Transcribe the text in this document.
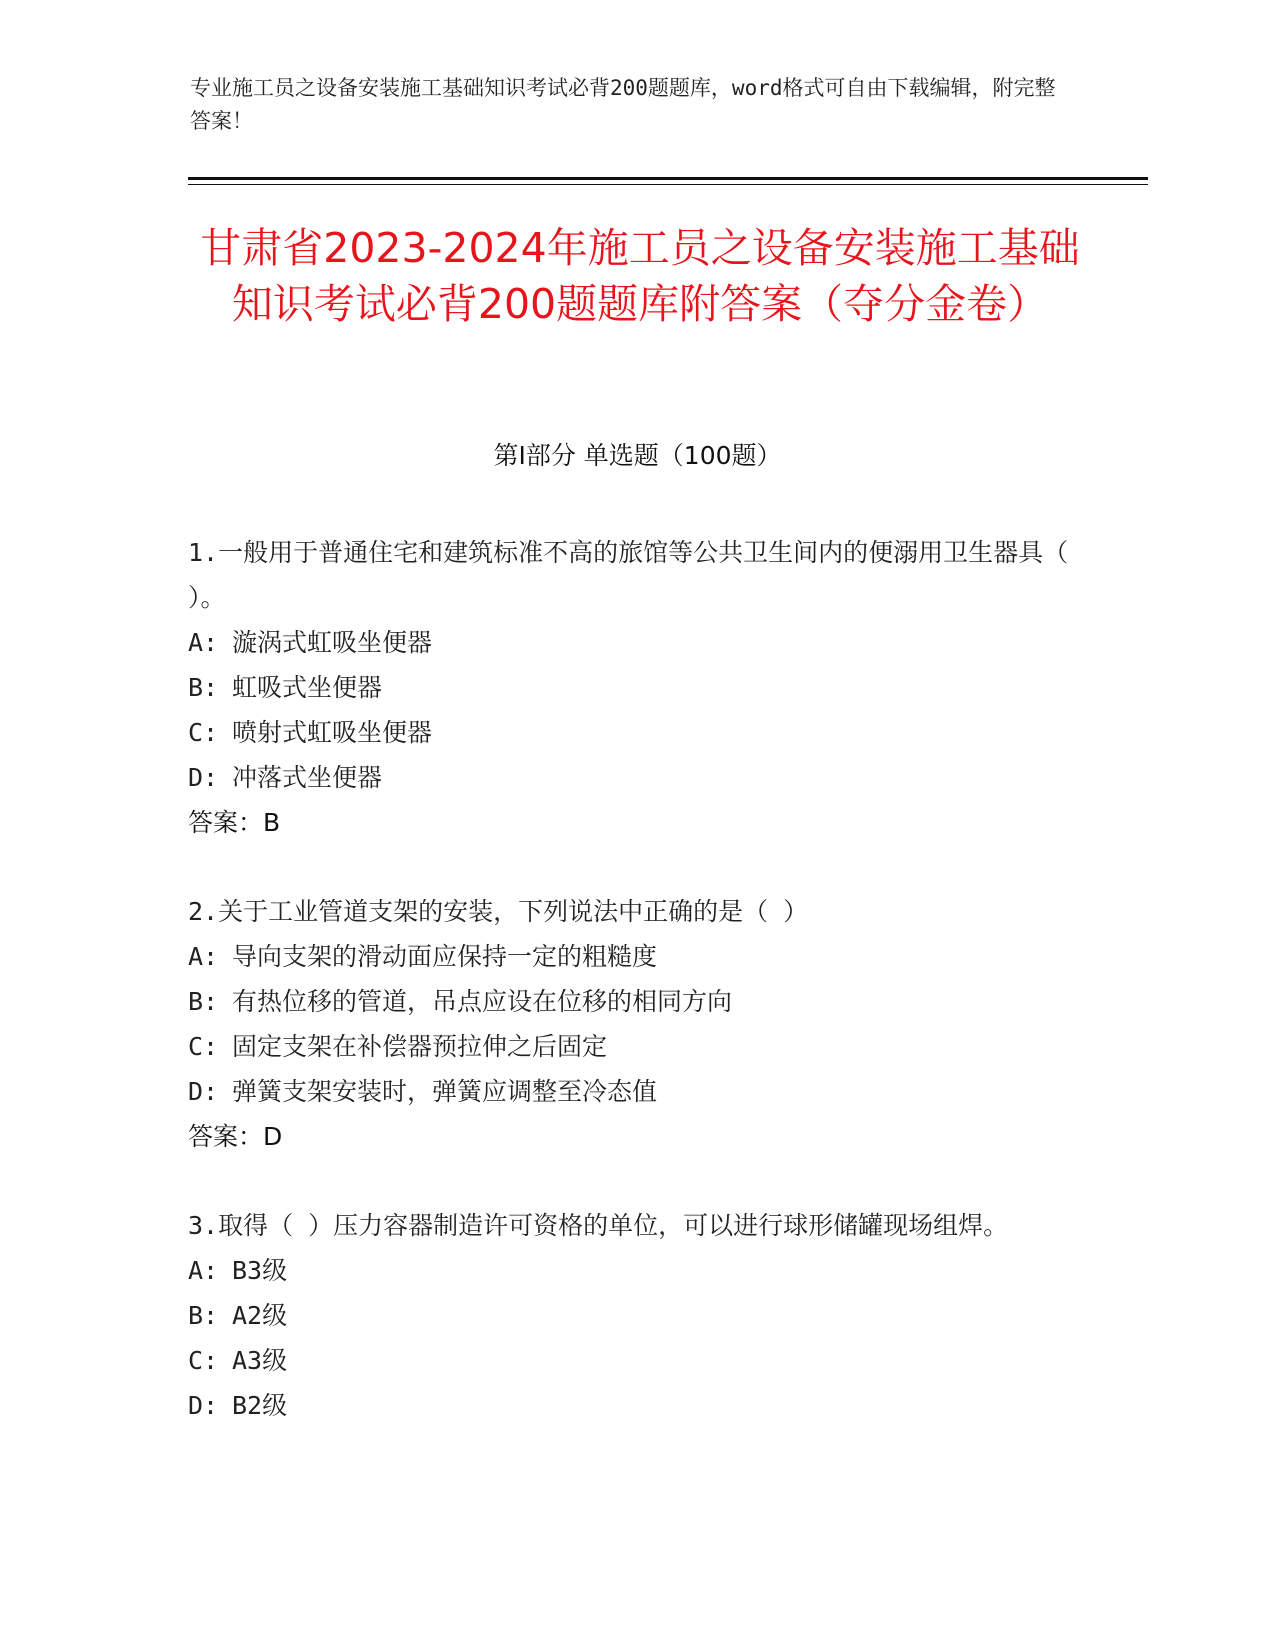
专业施工员之设备安装施工基础知识考试必背200题题库，word格式可自由下载编辑，附完整答案！
甘肃省2023-2024年施工员之设备安装施工基础知识考试必背200题题库附答案（夺分金卷）
第I部分 单选题（100题）
1.一般用于普通住宅和建筑标准不高的旅馆等公共卫生间内的便溺用卫生器具（ ）。
A: 漩涡式虹吸坐便器
B: 虹吸式坐便器
C: 喷射式虹吸坐便器
D: 冲落式坐便器
答案：B
2.关于工业管道支架的安装，下列说法中正确的是（ ）
A: 导向支架的滑动面应保持一定的粗糙度
B: 有热位移的管道，吊点应设在位移的相同方向
C: 固定支架在补偿器预拉伸之后固定
D: 弹簧支架安装时，弹簧应调整至冷态值
答案：D
3.取得（ ）压力容器制造许可资格的单位，可以进行球形储罐现场组焊。
A: B3级
B: A2级
C: A3级
D: B2级
